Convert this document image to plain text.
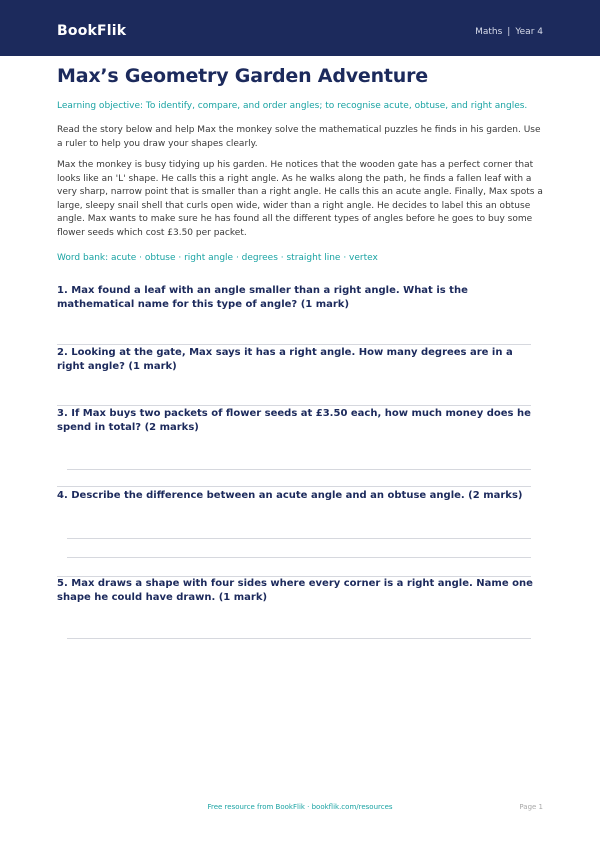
BookFlik	Maths | Year 4
Max’s Geometry Garden Adventure

Learning objective: To identify, compare, and order angles; to recognise acute, obtuse, and right angles.

Read the story below and help Max the monkey solve the mathematical puzzles he finds in his garden. Use a ruler to help you draw your shapes clearly.

Max the monkey is busy tidying up his garden. He notices that the wooden gate has a perfect corner that looks like an 'L' shape. He calls this a right angle. As he walks along the path, he finds a fallen leaf with a very sharp, narrow point that is smaller than a right angle. He calls this an acute angle. Finally, Max spots a large, sleepy snail shell that curls open wide, wider than a right angle. He decides to label this an obtuse angle. Max wants to make sure he has found all the different types of angles before he goes to buy some flower seeds which cost £3.50 per packet.

Word bank: acute · obtuse · right angle · degrees · straight line · vertex

1. Max found a leaf with an angle smaller than a right angle. What is the mathematical name for this type of angle? (1 mark)

2. Looking at the gate, Max says it has a right angle. How many degrees are in a right angle? (1 mark)

3. If Max buys two packets of flower seeds at £3.50 each, how much money does he spend in total? (2 marks)

4. Describe the difference between an acute angle and an obtuse angle. (2 marks)

5. Max draws a shape with four sides where every corner is a right angle. Name one shape he could have drawn. (1 mark)

Free resource from BookFlik · bookflik.com/resources	Page 1
